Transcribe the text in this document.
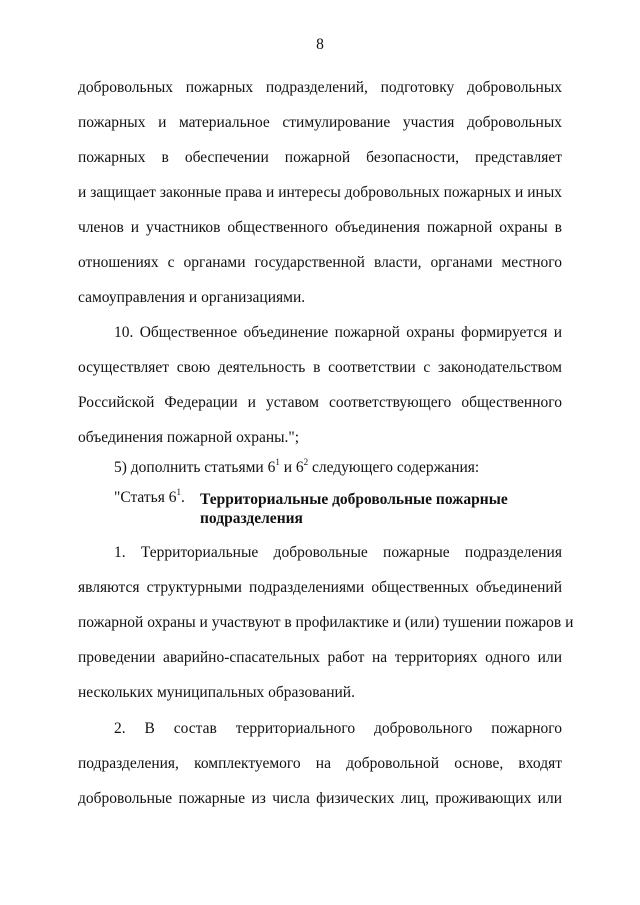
8
добровольных пожарных подразделений, подготовку добровольных
пожарных и материальное стимулирование участия добровольных
пожарных в обеспечении пожарной безопасности, представляет
и защищает законные права и интересы добровольных пожарных и иных
членов и участников общественного объединения пожарной охраны в
отношениях с органами государственной власти, органами местного
самоуправления и организациями.
10. Общественное объединение пожарной охраны формируется и
осуществляет свою деятельность в соответствии с законодательством
Российской Федерации и уставом соответствующего общественного
объединения пожарной охраны.";
5) дополнить статьями $6^1$ и $6^2$ следующего содержания:
"Статья $6^1$. Территориальные добровольные пожарные
подразделения
1. Территориальные добровольные пожарные подразделения
являются структурными подразделениями общественных объединений
пожарной охраны и участвуют в профилактике и (или) тушении пожаров и
проведении аварийно-спасательных работ на территориях одного или
нескольких муниципальных образований.
2. В состав территориального добровольного пожарного
подразделения, комплектуемого на добровольной основе, входят
добровольные пожарные из числа физических лиц, проживающих или
